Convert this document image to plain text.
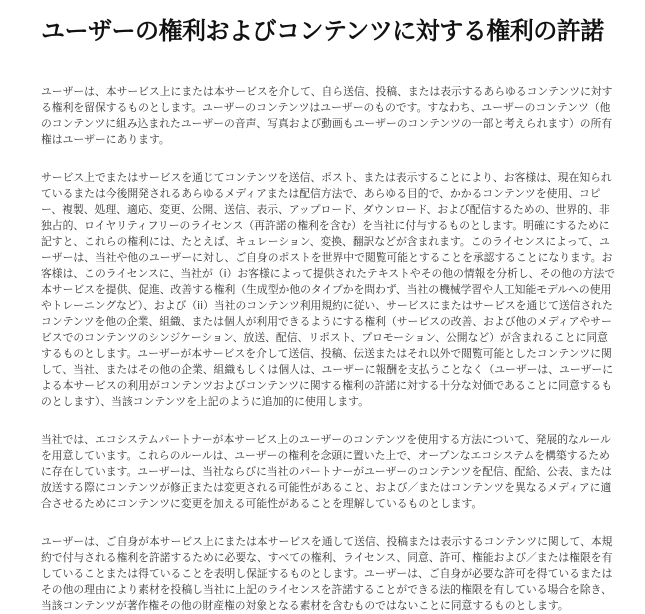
ユーザーの権利およびコンテンツに対する権利の許諾

ユーザーは、本サービス上にまたは本サービスを介して、自ら送信、投稿、または表示するあらゆるコンテンツに対する権利を留保するものとします。ユーザーのコンテンツはユーザーのものです。すなわち、ユーザーのコンテンツ（他のコンテンツに組み込まれたユーザーの音声、写真および動画もユーザーのコンテンツの一部と考えられます）の所有権はユーザーにあります。

サービス上でまたはサービスを通じてコンテンツを送信、ポスト、または表示することにより、お客様は、現在知られているまたは今後開発されるあらゆるメディアまたは配信方法で、あらゆる目的で、かかるコンテンツを使用、コピー、複製、処理、適応、変更、公開、送信、表示、アップロード、ダウンロード、および配信するための、世界的、非独占的、ロイヤリティフリーのライセンス（再許諾の権利を含む）を当社に付与するものとします。明確にするために記すと、これらの権利には、たとえば、キュレーション、変換、翻訳などが含まれます。このライセンスによって、ユーザーは、当社や他のユーザーに対し、ご自身のポストを世界中で閲覧可能とすることを承認することになります。お客様は、このライセンスに、当社が（i）お客様によって提供されたテキストやその他の情報を分析し、その他の方法で本サービスを提供、促進、改善する権利（生成型か他のタイプかを問わず、当社の機械学習や人工知能モデルへの使用やトレーニングなど）、および（ii）当社のコンテンツ利用規約に従い、サービスにまたはサービスを通じて送信されたコンテンツを他の企業、組織、または個人が利用できるようにする権利（サービスの改善、および他のメディアやサービスでのコンテンツのシンジケーション、放送、配信、リポスト、プロモーション、公開など）が含まれることに同意するものとします。ユーザーが本サービスを介して送信、投稿、伝送またはそれ以外で閲覧可能としたコンテンツに関して、当社、またはその他の企業、組織もしくは個人は、ユーザーに報酬を支払うことなく（ユーザーは、ユーザーによる本サービスの利用がコンテンツおよびコンテンツに関する権利の許諾に対する十分な対価であることに同意するものとします）、当該コンテンツを上記のように追加的に使用します。

当社では、エコシステムパートナーが本サービス上のユーザーのコンテンツを使用する方法について、発展的なルールを用意しています。これらのルールは、ユーザーの権利を念頭に置いた上で、オープンなエコシステムを構築するために存在しています。ユーザーは、当社ならびに当社のパートナーがユーザーのコンテンツを配信、配給、公表、または放送する際にコンテンツが修正または変更される可能性があること、および／またはコンテンツを異なるメディアに適合させるためにコンテンツに変更を加える可能性があることを理解しているものとします。

ユーザーは、ご自身が本サービス上にまたは本サービスを通して送信、投稿または表示するコンテンツに関して、本規約で付与される権利を許諾するために必要な、すべての権利、ライセンス、同意、許可、権能および／または権限を有していることまたは得ていることを表明し保証するものとします。ユーザーは、ご自身が必要な許可を得ているまたはその他の理由により素材を投稿し当社に上記のライセンスを許諾することができる法的権限を有している場合を除き、当該コンテンツが著作権その他の財産権の対象となる素材を含むものではないことに同意するものとします。
